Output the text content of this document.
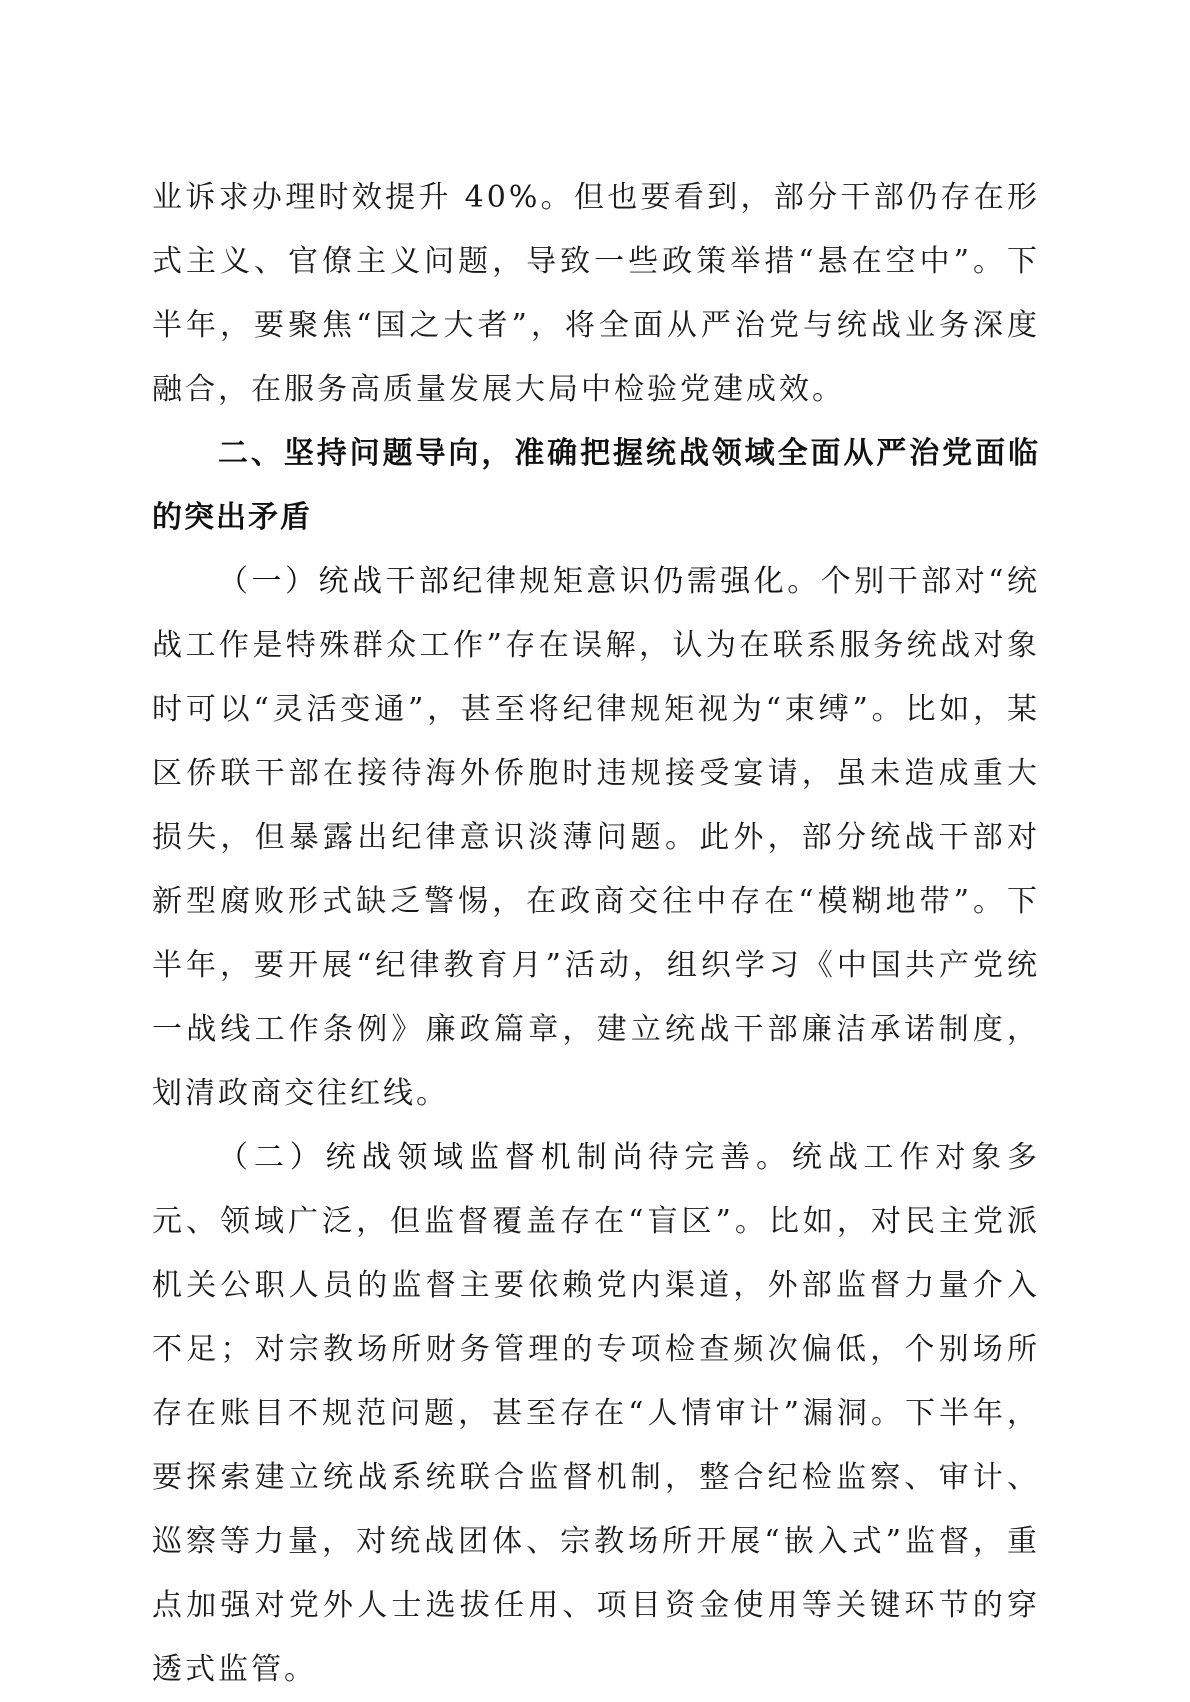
业诉求办理时效提升 40%。但也要看到，部分干部仍存在形式主义、官僚主义问题，导致一些政策举措“悬在空中”。下半年，要聚焦“国之大者”，将全面从严治党与统战业务深度融合，在服务高质量发展大局中检验党建成效。

二、坚持问题导向，准确把握统战领域全面从严治党面临的突出矛盾

（一）统战干部纪律规矩意识仍需强化。个别干部对“统战工作是特殊群众工作”存在误解，认为在联系服务统战对象时可以“灵活变通”，甚至将纪律规矩视为“束缚”。比如，某区侨联干部在接待海外侨胞时违规接受宴请，虽未造成重大损失，但暴露出纪律意识淡薄问题。此外，部分统战干部对新型腐败形式缺乏警惕，在政商交往中存在“模糊地带”。下半年，要开展“纪律教育月”活动，组织学习《中国共产党统一战线工作条例》廉政篇章，建立统战干部廉洁承诺制度，划清政商交往红线。

（二）统战领域监督机制尚待完善。统战工作对象多元、领域广泛，但监督覆盖存在“盲区”。比如，对民主党派机关公职人员的监督主要依赖党内渠道，外部监督力量介入不足；对宗教场所财务管理的专项检查频次偏低，个别场所存在账目不规范问题，甚至存在“人情审计”漏洞。下半年，要探索建立统战系统联合监督机制，整合纪检监察、审计、巡察等力量，对统战团体、宗教场所开展“嵌入式”监督，重点加强对党外人士选拔任用、项目资金使用等关键环节的穿透式监管。
